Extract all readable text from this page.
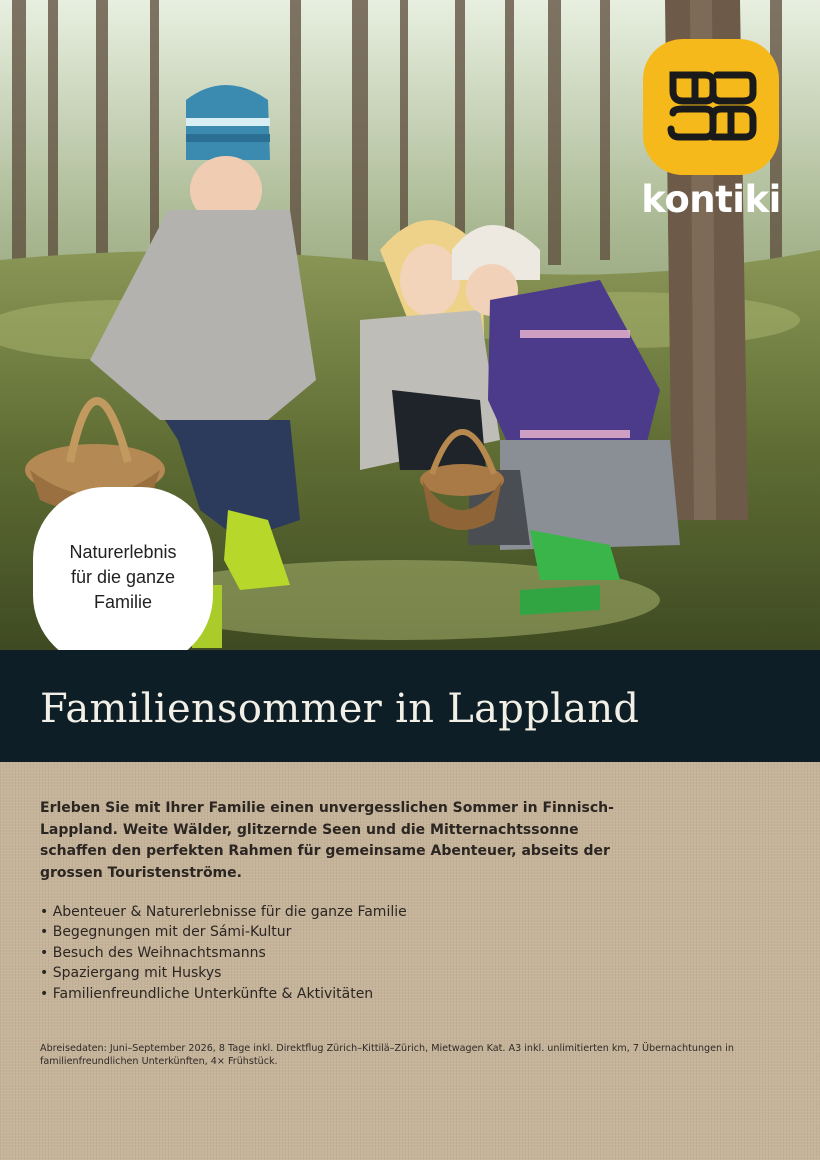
kontiki
Naturerlebnis
für die ganze
Familie
Familiensommer in Lappland

Erleben Sie mit Ihrer Familie einen unvergesslichen Sommer in Finnisch-Lappland. Weite Wälder, glitzernde Seen und die Mitternachtssonne schaffen den perfekten Rahmen für gemeinsame Abenteuer, abseits der grossen Touristenströme.

• Abenteuer & Naturerlebnisse für die ganze Familie
• Begegnungen mit der Sámi-Kultur
• Besuch des Weihnachtsmanns
• Spaziergang mit Huskys
• Familienfreundliche Unterkünfte & Aktivitäten

Abreisedaten: Juni–September 2026, 8 Tage inkl. Direktflug Zürich–Kittilä–Zürich, Mietwagen Kat. A3 inkl. unlimitierten km, 7 Übernachtungen in familienfreundlichen Unterkünften, 4× Frühstück.
